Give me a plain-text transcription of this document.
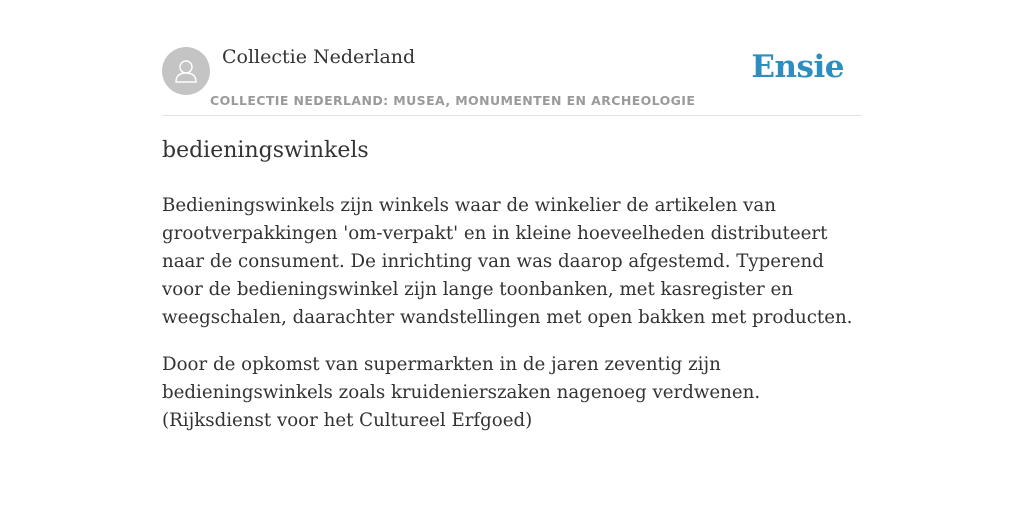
Collectie Nederland
COLLECTIE NEDERLAND: MUSEA, MONUMENTEN EN ARCHEOLOGIE
Ensie
bedieningswinkels

Bedieningswinkels zijn winkels waar de winkelier de artikelen van grootverpakkingen 'om-verpakt' en in kleine hoeveelheden distributeert naar de consument. De inrichting van was daarop afgestemd. Typerend voor de bedieningswinkel zijn lange toonbanken, met kasregister en weegschalen, daarachter wandstellingen met open bakken met producten.

Door de opkomst van supermarkten in de jaren zeventig zijn bedieningswinkels zoals kruidenierszaken nagenoeg verdwenen. (Rijksdienst voor het Cultureel Erfgoed)
